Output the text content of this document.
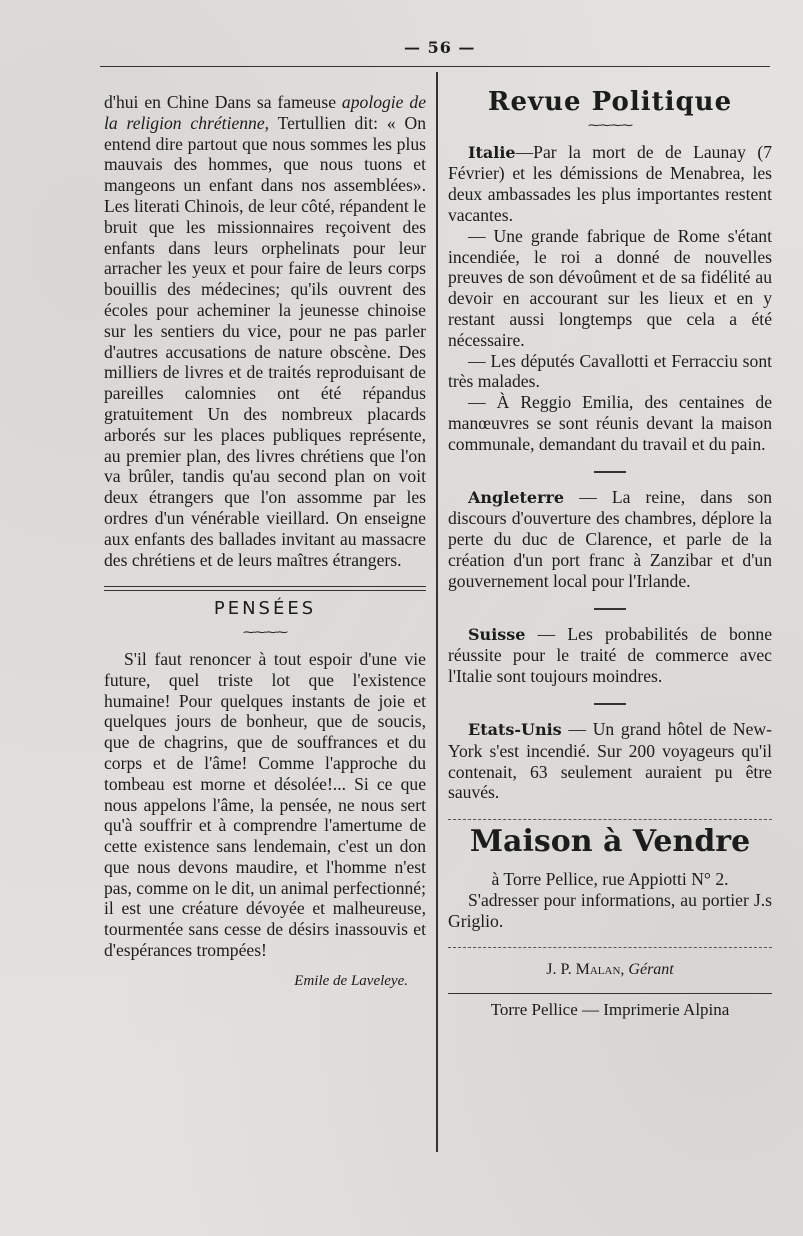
— 56 —

d'hui en Chine Dans sa fameuse apologie de la religion chrétienne, Tertullien dit: « On entend dire partout que nous sommes les plus mauvais des hommes, que nous tuons et mangeons un enfant dans nos assemblées». Les literati Chinois, de leur côté, répandent le bruit que les missionnaires reçoivent des enfants dans leurs orphelinats pour leur arracher les yeux et pour faire de leurs corps bouillis des médecines; qu'ils ouvrent des écoles pour acheminer la jeunesse chinoise sur les sentiers du vice, pour ne pas parler d'autres accusations de nature obscène. Des milliers de livres et de traités reproduisant de pareilles calomnies ont été répandus gratuitement Un des nombreux placards arborés sur les places publiques représente, au premier plan, des livres chrétiens que l'on va brûler, tandis qu'au second plan on voit deux étrangers que l'on assomme par les ordres d'un vénérable vieillard. On enseigne aux enfants des ballades invitant au massacre des chrétiens et de leurs maîtres étrangers.

PENSÉES
⁓⁓⁓⁓

S'il faut renoncer à tout espoir d'une vie future, quel triste lot que l'existence humaine! Pour quelques instants de joie et quelques jours de bonheur, que de soucis, que de chagrins, que de souffrances et du corps et de l'âme! Comme l'approche du tombeau est morne et désolée!... Si ce que nous appelons l'âme, la pensée, ne nous sert qu'à souffrir et à comprendre l'amertume de cette existence sans lendemain, c'est un don que nous devons maudire, et l'homme n'est pas, comme on le dit, un animal perfectionné; il est une créature dévoyée et malheureuse, tourmentée sans cesse de désirs inassouvis et d'espérances trompées!

Emile de Laveleye.
Revue Politique
⁓⁓⁓⁓

Italie—Par la mort de de Launay (7 Février) et les démissions de Menabrea, les deux ambassades les plus importantes restent vacantes.

— Une grande fabrique de Rome s'étant incendiée, le roi a donné de nouvelles preuves de son dévoûment et de sa fidélité au devoir en accourant sur les lieux et en y restant aussi longtemps que cela a été nécessaire.

— Les députés Cavallotti et Ferracciu sont très malades.

— À Reggio Emilia, des centaines de manœuvres se sont réunis devant la maison communale, demandant du travail et du pain.

Angleterre — La reine, dans son discours d'ouverture des chambres, déplore la perte du duc de Clarence, et parle de la création d'un port franc à Zanzibar et d'un gouvernement local pour l'Irlande.

Suisse — Les probabilités de bonne réussite pour le traité de commerce avec l'Italie sont toujours moindres.

Etats-Unis — Un grand hôtel de New-York s'est incendié. Sur 200 voyageurs qu'il contenait, 63 seulement auraient pu être sauvés.

Maison à Vendre

à Torre Pellice, rue Appiotti N° 2.

S'adresser pour informations, au portier J.s Griglio.

J. P. Malan, Gérant
Torre Pellice — Imprimerie Alpina
